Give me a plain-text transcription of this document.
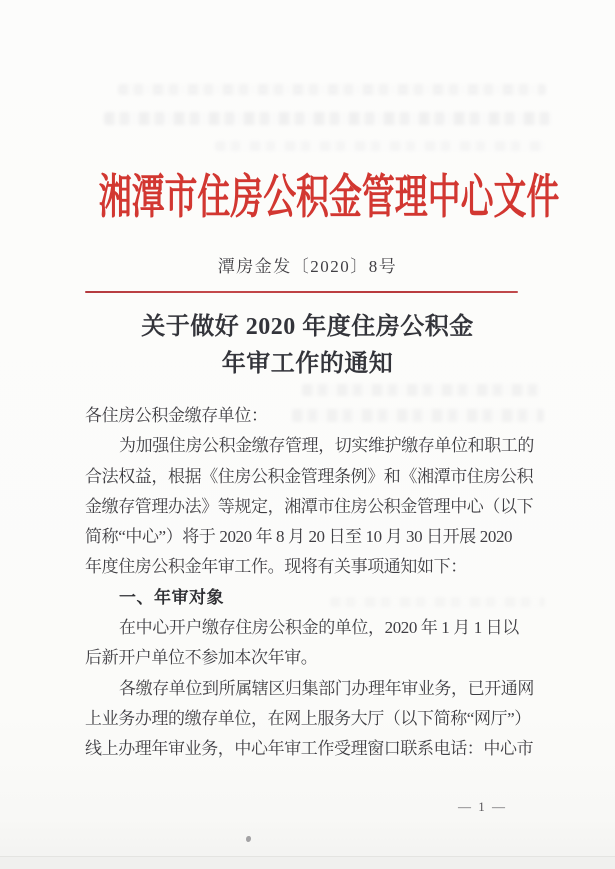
湘潭市住房公积金管理中心文件
潭房金发〔2020〕8号
关于做好 2020 年度住房公积金
年审工作的通知
各住房公积金缴存单位：
为加强住房公积金缴存管理，切实维护缴存单位和职工的
合法权益，根据《住房公积金管理条例》和《湘潭市住房公积
金缴存管理办法》等规定，湘潭市住房公积金管理中心（以下
简称“中心”）将于 2020 年 8 月 20 日至 10 月 30 日开展 2020
年度住房公积金年审工作。现将有关事项通知如下：
一、年审对象
在中心开户缴存住房公积金的单位，2020 年 1 月 1 日以
后新开户单位不参加本次年审。
各缴存单位到所属辖区归集部门办理年审业务，已开通网
上业务办理的缴存单位，在网上服务大厅（以下简称“网厅”）
线上办理年审业务，中心年审工作受理窗口联系电话：中心市
— 1 —
